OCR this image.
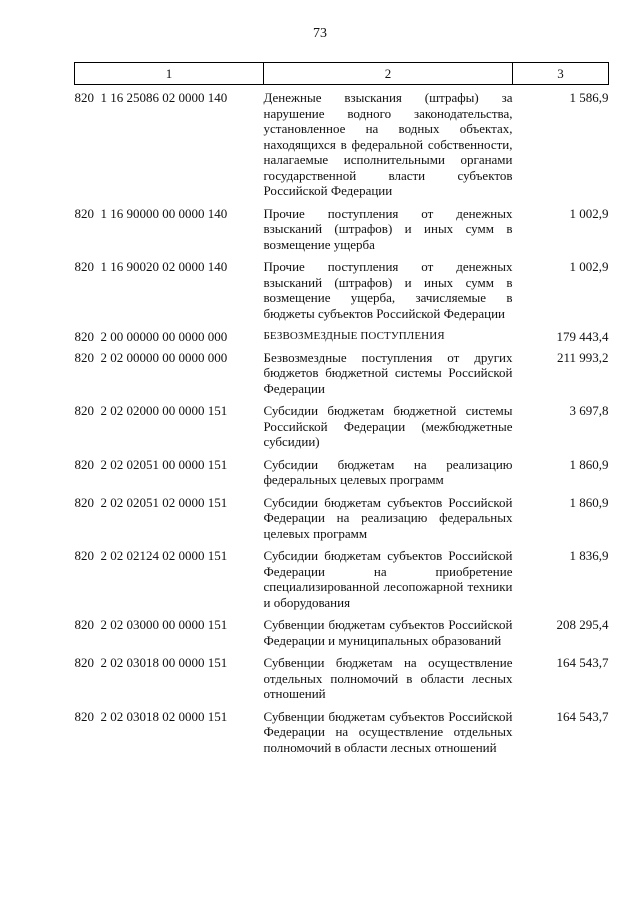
73
1	2	3

820  1 16 25086 02 0000 140	Денежные взыскания (штрафы) за нарушение водного законодательства, установленное на водных объектах, находящихся в федеральной собственности, налагаемые исполнительными органами государственной власти субъектов Российской Федерации	1 586,9

820  1 16 90000 00 0000 140	Прочие поступления от денежных взысканий (штрафов) и иных сумм в возмещение ущерба	1 002,9

820  1 16 90020 02 0000 140	Прочие поступления от денежных взысканий (штрафов) и иных сумм в возмещение ущерба, зачисляемые в бюджеты субъектов Российской Федерации	1 002,9

820  2 00 00000 00 0000 000	БЕЗВОЗМЕЗДНЫЕ ПОСТУПЛЕНИЯ	179 443,4

820  2 02 00000 00 0000 000	Безвозмездные поступления от других бюджетов бюджетной системы Российской Федерации	211 993,2

820  2 02 02000 00 0000 151	Субсидии бюджетам бюджетной системы Российской Федерации (межбюджетные субсидии)	3 697,8

820  2 02 02051 00 0000 151	Субсидии бюджетам на реализацию федеральных целевых программ	1 860,9

820  2 02 02051 02 0000 151	Субсидии бюджетам субъектов Российской Федерации на реализацию федеральных целевых программ	1 860,9

820  2 02 02124 02 0000 151	Субсидии бюджетам субъектов Российской Федерации на приобретение специализированной лесопожарной техники и оборудования	1 836,9

820  2 02 03000 00 0000 151	Субвенции бюджетам субъектов Российской Федерации и муниципальных образований	208 295,4

820  2 02 03018 00 0000 151	Субвенции бюджетам на осуществление отдельных полномочий в области лесных отношений	164 543,7

820  2 02 03018 02 0000 151	Субвенции бюджетам субъектов Российской Федерации на осуществление отдельных полномочий в области лесных отношений	164 543,7
